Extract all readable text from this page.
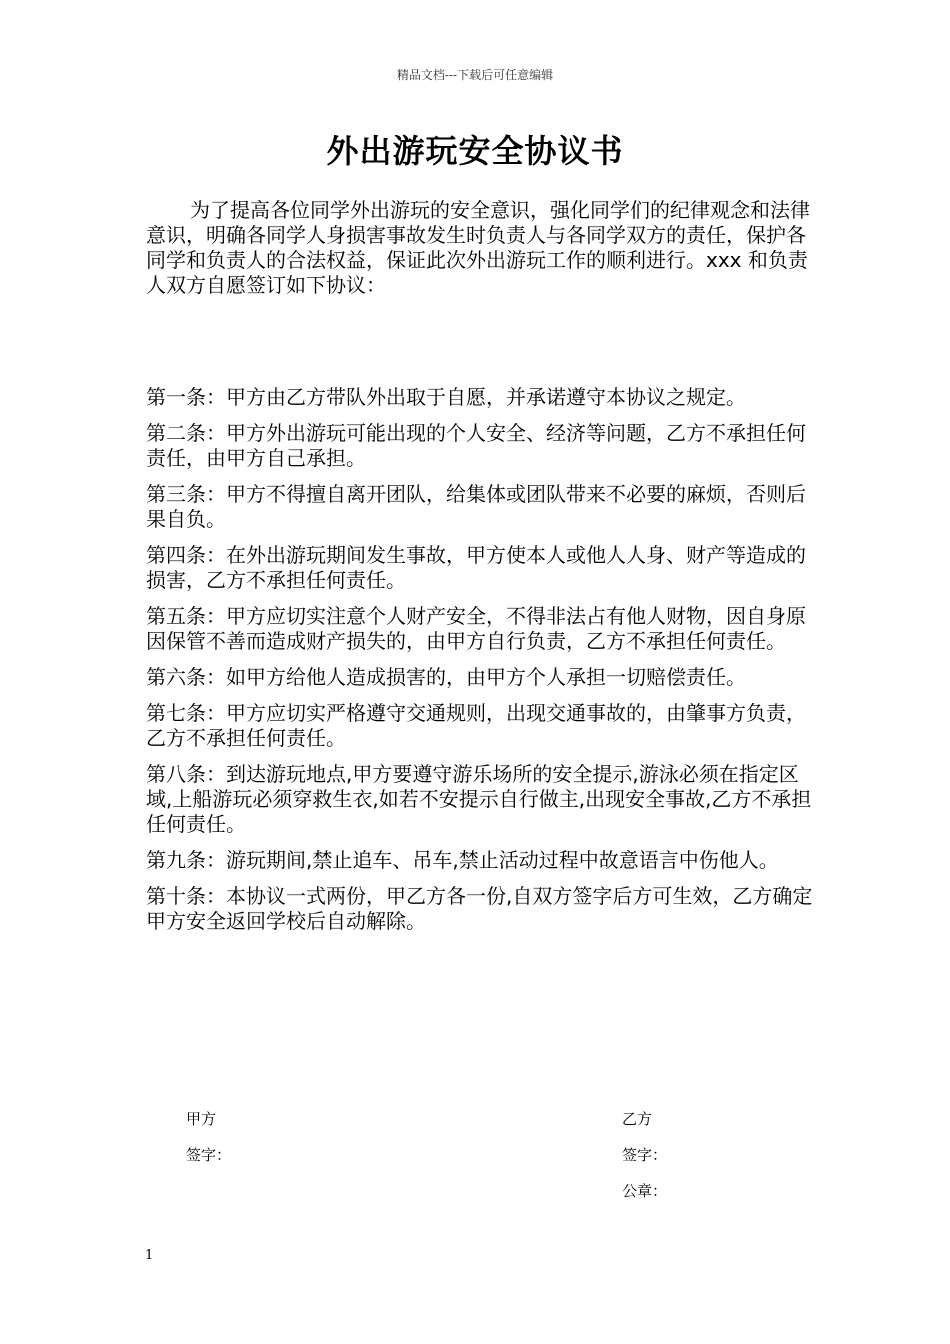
精品文档---下载后可任意编辑
外出游玩安全协议书

为了提高各位同学外出游玩的安全意识，强化同学们的纪律观念和法律意识，明确各同学人身损害事故发生时负责人与各同学双方的责任，保护各同学和负责人的合法权益，保证此次外出游玩工作的顺利进行。xxx 和负责人双方自愿签订如下协议：

第一条：甲方由乙方带队外出取于自愿，并承诺遵守本协议之规定。
第二条：甲方外出游玩可能出现的个人安全、经济等问题，乙方不承担任何责任，由甲方自己承担。
第三条：甲方不得擅自离开团队，给集体或团队带来不必要的麻烦，否则后果自负。
第四条：在外出游玩期间发生事故，甲方使本人或他人人身、财产等造成的损害，乙方不承担任何责任。
第五条：甲方应切实注意个人财产安全，不得非法占有他人财物，因自身原因保管不善而造成财产损失的，由甲方自行负责，乙方不承担任何责任。
第六条：如甲方给他人造成损害的，由甲方个人承担一切赔偿责任。
第七条：甲方应切实严格遵守交通规则，出现交通事故的，由肇事方负责，乙方不承担任何责任。
第八条：到达游玩地点,甲方要遵守游乐场所的安全提示,游泳必须在指定区域,上船游玩必须穿救生衣,如若不安提示自行做主,出现安全事故,乙方不承担任何责任。
第九条：游玩期间,禁止追车、吊车,禁止活动过程中故意语言中伤他人。
第十条：本协议一式两份，甲乙方各一份,自双方签字后方可生效，乙方确定甲方安全返回学校后自动解除。
甲方
签字：
乙方
签字：
公章：
1
